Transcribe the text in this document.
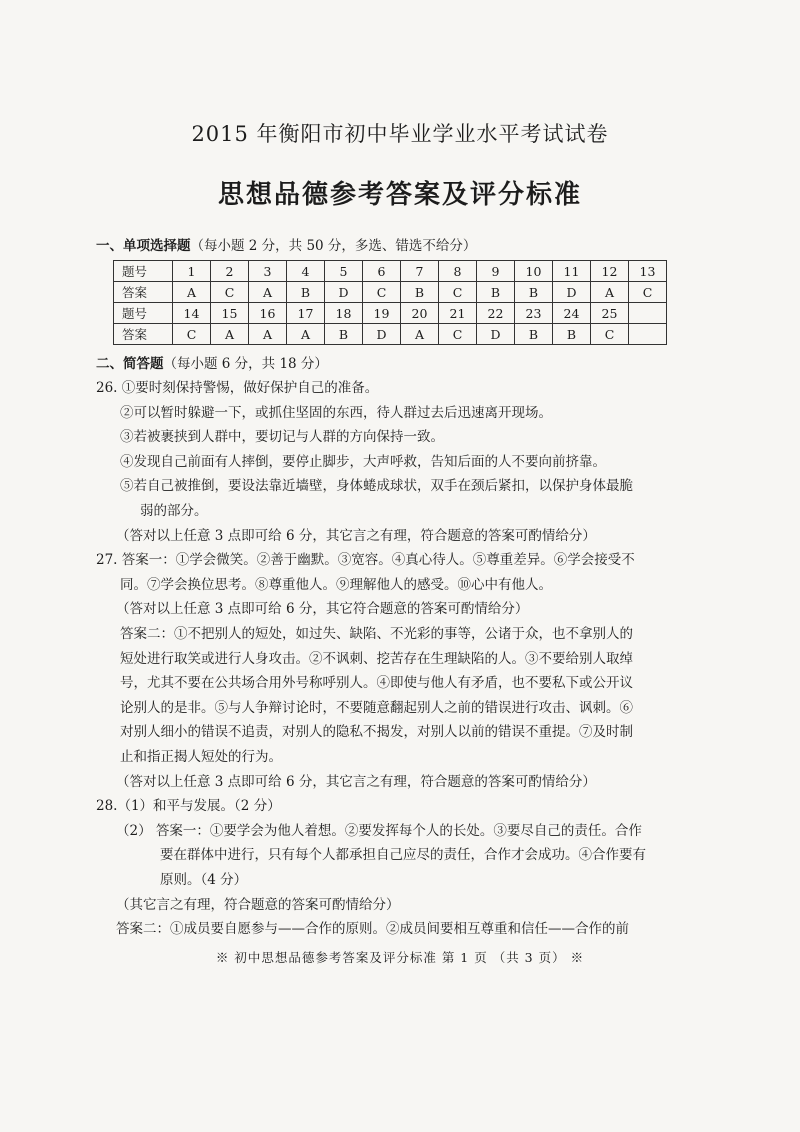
2015 年衡阳市初中毕业学业水平考试试卷
思想品德参考答案及评分标准
一、单项选择题（每小题 2 分，共 50 分，多选、错选不给分）
题号	1	2	3	4	5	6	7	8	9	10	11	12	13
答案	A	C	A	B	D	C	B	C	B	B	D	A	C
题号	14	15	16	17	18	19	20	21	22	23	24	25	
答案	C	A	A	A	B	D	A	C	D	B	B	C	
二、简答题（每小题 6 分，共 18 分）
26. ①要时刻保持警惕，做好保护自己的准备。
②可以暂时躲避一下，或抓住坚固的东西，待人群过去后迅速离开现场。
③若被裹挟到人群中，要切记与人群的方向保持一致。
④发现自己前面有人摔倒，要停止脚步，大声呼救，告知后面的人不要向前挤靠。
⑤若自己被推倒，要设法靠近墙壁，身体蜷成球状，双手在颈后紧扣，以保护身体最脆
弱的部分。
（答对以上任意 3 点即可给 6 分，其它言之有理，符合题意的答案可酌情给分）
27. 答案一：①学会微笑。②善于幽默。③宽容。④真心待人。⑤尊重差异。⑥学会接受不
同。⑦学会换位思考。⑧尊重他人。⑨理解他人的感受。⑩心中有他人。
（答对以上任意 3 点即可给 6 分，其它符合题意的答案可酌情给分）
答案二：①不把别人的短处，如过失、缺陷、不光彩的事等，公诸于众，也不拿别人的
短处进行取笑或进行人身攻击。②不讽刺、挖苦存在生理缺陷的人。③不要给别人取绰
号，尤其不要在公共场合用外号称呼别人。④即使与他人有矛盾，也不要私下或公开议
论别人的是非。⑤与人争辩讨论时，不要随意翻起别人之前的错误进行攻击、讽刺。⑥
对别人细小的错误不追责，对别人的隐私不揭发，对别人以前的错误不重提。⑦及时制
止和指正揭人短处的行为。
（答对以上任意 3 点即可给 6 分，其它言之有理，符合题意的答案可酌情给分）
28.（1）和平与发展。（2 分）
（2） 答案一：①要学会为他人着想。②要发挥每个人的长处。③要尽自己的责任。合作
要在群体中进行，只有每个人都承担自己应尽的责任，合作才会成功。④合作要有
原则。（4 分）
※ 初中思想品德参考答案及评分标准 第 1 页 （共 3 页） ※
（其它言之有理，符合题意的答案可酌情给分）
答案二：①成员要自愿参与——合作的原则。②成员间要相互尊重和信任——合作的前
